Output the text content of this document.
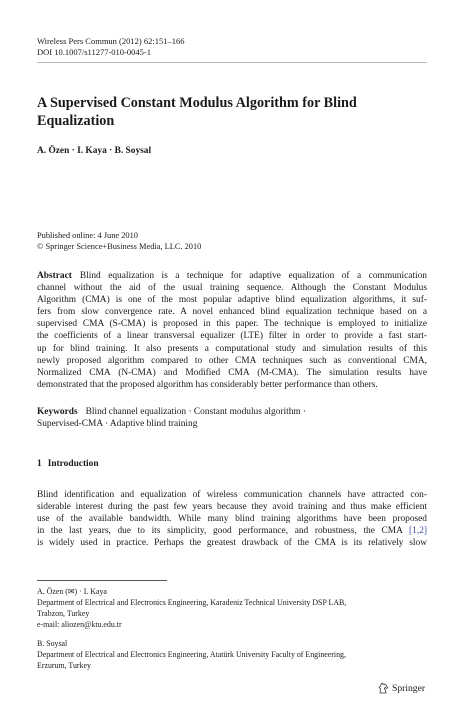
Wireless Pers Commun (2012) 62:151–166
DOI 10.1007/s11277-010-0045-1
A Supervised Constant Modulus Algorithm for Blind
Equalization
A. Özen · I. Kaya · B. Soysal
Published online: 4 June 2010
© Springer Science+Business Media, LLC. 2010
Abstract Blind equalization is a technique for adaptive equalization of a communication
channel without the aid of the usual training sequence. Although the Constant Modulus
Algorithm (CMA) is one of the most popular adaptive blind equalization algorithms, it suf-
fers from slow convergence rate. A novel enhanced blind equalization technique based on a
supervised CMA (S-CMA) is proposed in this paper. The technique is employed to initialize
the coefficients of a linear transversal equalizer (LTE) filter in order to provide a fast start-
up for blind training. It also presents a computational study and simulation results of this
newly proposed algorithm compared to other CMA techniques such as conventional CMA,
Normalized CMA (N-CMA) and Modified CMA (M-CMA). The simulation results have
demonstrated that the proposed algorithm has considerably better performance than others.
Keywords Blind channel equalization · Constant modulus algorithm ·
Supervised-CMA · Adaptive blind training
1 Introduction
Blind identification and equalization of wireless communication channels have attracted con-
siderable interest during the past few years because they avoid training and thus make efficient
use of the available bandwidth. While many blind training algorithms have been proposed
in the last years, due to its simplicity, good performance, and robustness, the CMA [1,2]
is widely used in practice. Perhaps the greatest drawback of the CMA is its relatively slow
A. Özen (✉) · I. Kaya
Department of Electrical and Electronics Engineering, Karadeniz Technical University DSP LAB,
Trabzon, Turkey
e-mail: aliozen@ktu.edu.tr
B. Soysal
Department of Electrical and Electronics Engineering, Atatürk University Faculty of Engineering,
Erzurum, Turkey
Springer
